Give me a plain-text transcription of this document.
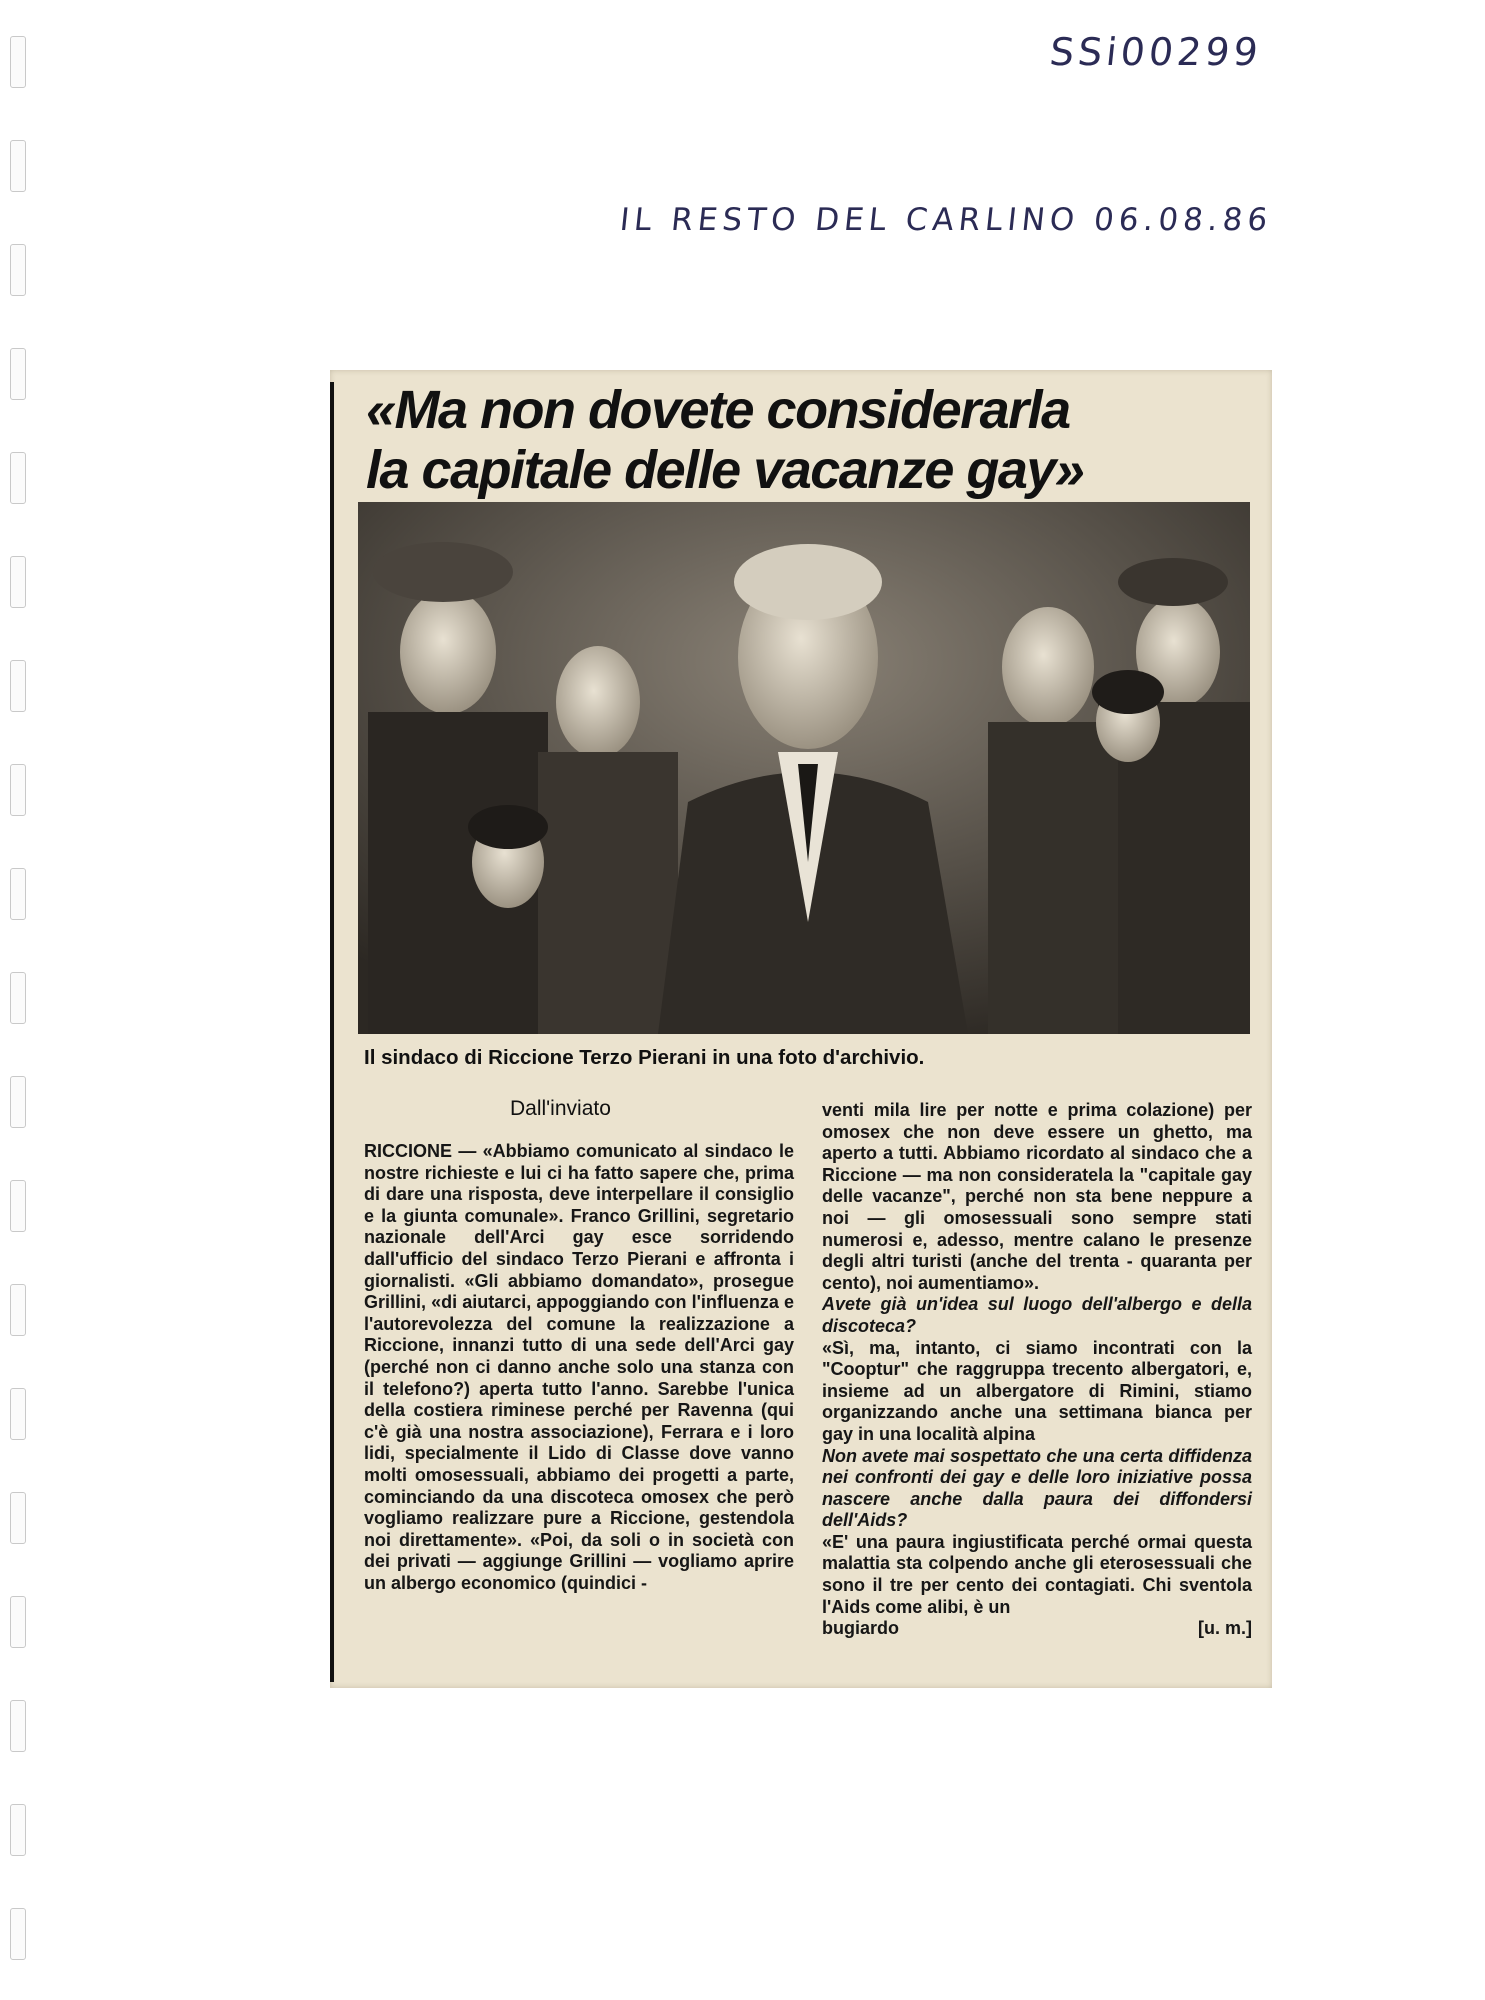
SSi00299
IL RESTO DEL CARLINO 06.08.86
«Ma non dovete considerarla
la capitale delle vacanze gay»

Il sindaco di Riccione Terzo Pierani in una foto d'archivio.

Dall'inviato

RICCIONE — «Abbiamo comunicato al sindaco le nostre richieste e lui ci ha fatto sapere che, prima di dare una risposta, deve interpellare il consiglio e la giunta comunale». Franco Grillini, segretario nazionale dell'Arci gay esce sorridendo dall'ufficio del sindaco Terzo Pierani e affronta i giornalisti. «Gli abbiamo domandato», prosegue Grillini, «di aiutarci, appoggiando con l'influenza e l'autorevolezza del comune la realizzazione a Riccione, innanzi tutto di una sede dell'Arci gay (perché non ci danno anche solo una stanza con il telefono?) aperta tutto l'anno. Sarebbe l'unica della costiera riminese perché per Ravenna (qui c'è già una nostra associazione), Ferrara e i loro lidi, specialmente il Lido di Classe dove vanno molti omosessuali, abbiamo dei progetti a parte, cominciando da una discoteca omosex che però vogliamo realizzare pure a Riccione, gestendola noi direttamente». «Poi, da soli o in società con dei privati — aggiunge Grillini — vogliamo aprire un albergo economico (quindici -

venti mila lire per notte e prima colazione) per omosex che non deve essere un ghetto, ma aperto a tutti. Abbiamo ricordato al sindaco che a Riccione — ma non consideratela la "capitale gay delle vacanze", perché non sta bene neppure a noi — gli omosessuali sono sempre stati numerosi e, adesso, mentre calano le presenze degli altri turisti (anche del trenta - quaranta per cento), noi aumentiamo».

Avete già un'idea sul luogo dell'albergo e della discoteca?

«Sì, ma, intanto, ci siamo incontrati con la "Cooptur" che raggruppa trecento albergatori, e, insieme ad un albergatore di Rimini, stiamo organizzando anche una settimana bianca per gay in una località alpina

Non avete mai sospettato che una certa diffidenza nei confronti dei gay e delle loro iniziative possa nascere anche dalla paura dei diffondersi dell'Aids?

«E' una paura ingiustificata perché ormai questa malattia sta colpendo anche gli eterosessuali che sono il tre per cento dei contagiati. Chi sventola l'Aids come alibi, è un

bugiardo	[u. m.]
